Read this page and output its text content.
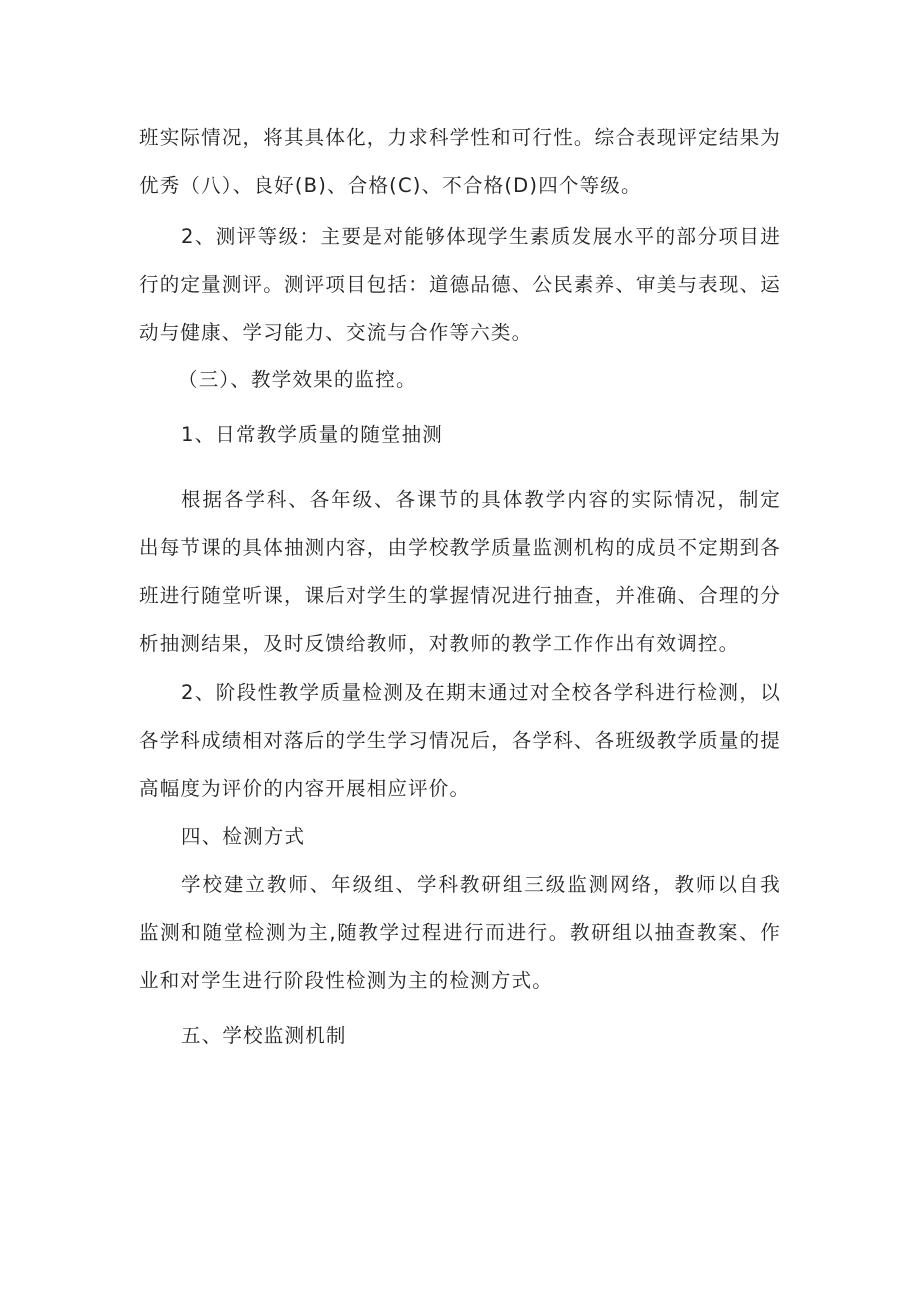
班实际情况，将其具体化，力求科学性和可行性。综合表现评定结果为优秀（八）、良好(B)、合格(C)、不合格(D)四个等级。

2、测评等级：主要是对能够体现学生素质发展水平的部分项目进行的定量测评。测评项目包括：道德品德、公民素养、审美与表现、运动与健康、学习能力、交流与合作等六类。

（三）、教学效果的监控。

1、日常教学质量的随堂抽测

根据各学科、各年级、各课节的具体教学内容的实际情况，制定出每节课的具体抽测内容，由学校教学质量监测机构的成员不定期到各班进行随堂听课，课后对学生的掌握情况进行抽查，并准确、合理的分析抽测结果，及时反馈给教师，对教师的教学工作作出有效调控。

2、阶段性教学质量检测及在期末通过对全校各学科进行检测，以各学科成绩相对落后的学生学习情况后，各学科、各班级教学质量的提高幅度为评价的内容开展相应评价。

四、检测方式

学校建立教师、年级组、学科教研组三级监测网络，教师以自我监测和随堂检测为主,随教学过程进行而进行。教研组以抽查教案、作业和对学生进行阶段性检测为主的检测方式。

五、学校监测机制
